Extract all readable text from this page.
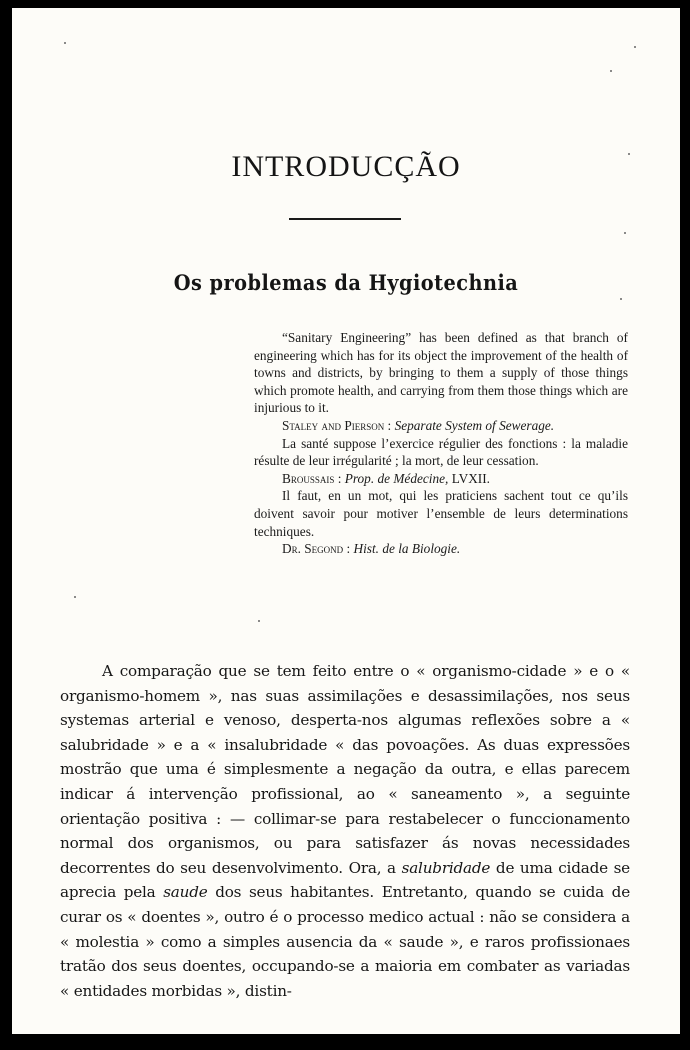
INTRODUCÇÃO
Os problemas da Hygiotechnia

“Sanitary Engineering” has been defined as that branch of engineering which has for its object the improvement of the health of towns and districts, by bringing to them a supply of those things which promote health, and carrying from them those things which are injurious to it.

Staley and Pierson : Separate System of Sewerage.

La santé suppose l’exercice régulier des fonctions : la maladie résulte de leur irrégularité ; la mort, de leur cessation.

Broussais : Prop. de Médecine, LVXII.

Il faut, en un mot, qui les praticiens sachent tout ce qu’ils doivent savoir pour motiver l’ensemble de leurs determinations techniques.

Dr. Segond : Hist. de la Biologie.

A comparação que se tem feito entre o « organismo-cidade » e o « organismo-homem », nas suas assimilações e desassimilações, nos seus systemas arterial e venoso, desperta-nos algumas reflexões sobre a « salubridade » e a « insalubridade « das povoações. As duas expressões mostrão que uma é simplesmente a negação da outra, e ellas parecem indicar á intervenção profissional, ao « saneamento », a seguinte orientação positiva : — collimar-se para restabelecer o funccionamento normal dos organismos, ou para satisfazer ás novas necessidades decorrentes do seu desenvolvimento. Ora, a salubridade de uma cidade se aprecia pela saude dos seus habitantes. Entretanto, quando se cuida de curar os « doentes », outro é o processo medico actual : não se considera a « molestia » como a simples ausencia da « saude », e raros profissionaes tratão dos seus doentes, occupando-se a maioria em combater as variadas « entidades morbidas », distin-
